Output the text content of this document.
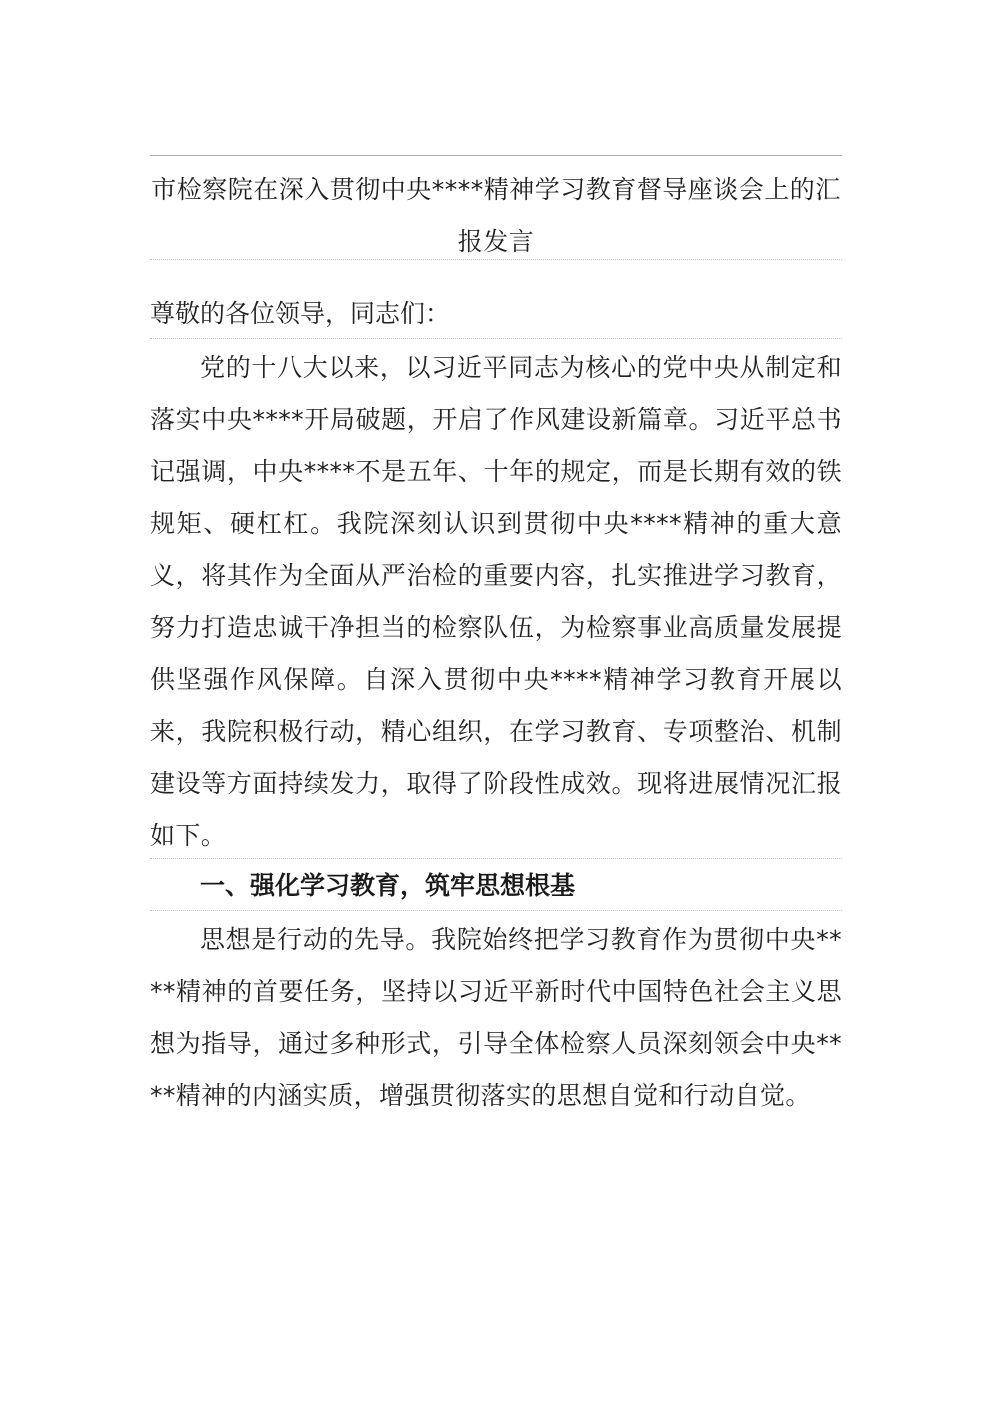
市检察院在深入贯彻中央****精神学习教育督导座谈会上的汇报发言

尊敬的各位领导，同志们：

党的十八大以来，以习近平同志为核心的党中央从制定和落实中央****开局破题，开启了作风建设新篇章。习近平总书记强调，中央****不是五年、十年的规定，而是长期有效的铁规矩、硬杠杠。我院深刻认识到贯彻中央****精神的重大意义，将其作为全面从严治检的重要内容，扎实推进学习教育，努力打造忠诚干净担当的检察队伍，为检察事业高质量发展提供坚强作风保障。自深入贯彻中央****精神学习教育开展以来，我院积极行动，精心组织，在学习教育、专项整治、机制建设等方面持续发力，取得了阶段性成效。现将进展情况汇报如下。

一、强化学习教育，筑牢思想根基

思想是行动的先导。我院始终把学习教育作为贯彻中央****精神的首要任务，坚持以习近平新时代中国特色社会主义思想为指导，通过多种形式，引导全体检察人员深刻领会中央****精神的内涵实质，增强贯彻落实的思想自觉和行动自觉。
